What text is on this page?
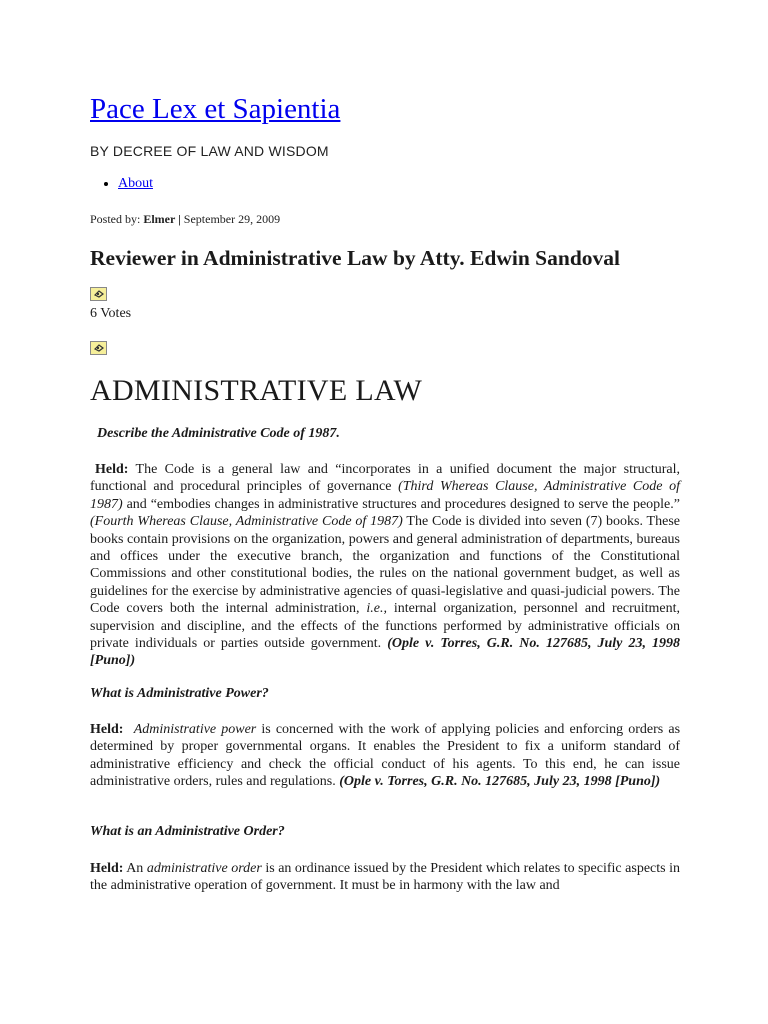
Pace Lex et Sapientia
BY DECREE OF LAW AND WISDOM
• About
Posted by: Elmer | September 29, 2009
Reviewer in Administrative Law by Atty. Edwin Sandoval
6 Votes
ADMINISTRATIVE LAW
Describe the Administrative Code of 1987.

Held: The Code is a general law and “incorporates in a unified document the major structural, functional and procedural principles of governance (Third Whereas Clause, Administrative Code of 1987) and “embodies changes in administrative structures and procedures designed to serve the people.” (Fourth Whereas Clause, Administrative Code of 1987) The Code is divided into seven (7) books. These books contain provisions on the organization, powers and general administration of departments, bureaus and offices under the executive branch, the organization and functions of the Constitutional Commissions and other constitutional bodies, the rules on the national government budget, as well as guidelines for the exercise by administrative agencies of quasi-legislative and quasi-judicial powers. The Code covers both the internal administration, i.e., internal organization, personnel and recruitment, supervision and discipline, and the effects of the functions performed by administrative officials on private individuals or parties outside government. (Ople v. Torres, G.R. No. 127685, July 23, 1998 [Puno])

What is Administrative Power?

Held: Administrative power is concerned with the work of applying policies and enforcing orders as determined by proper governmental organs. It enables the President to fix a uniform standard of administrative efficiency and check the official conduct of his agents. To this end, he can issue administrative orders, rules and regulations. (Ople v. Torres, G.R. No. 127685, July 23, 1998 [Puno])

What is an Administrative Order?

Held: An administrative order is an ordinance issued by the President which relates to specific aspects in the administrative operation of government. It must be in harmony with the law and
